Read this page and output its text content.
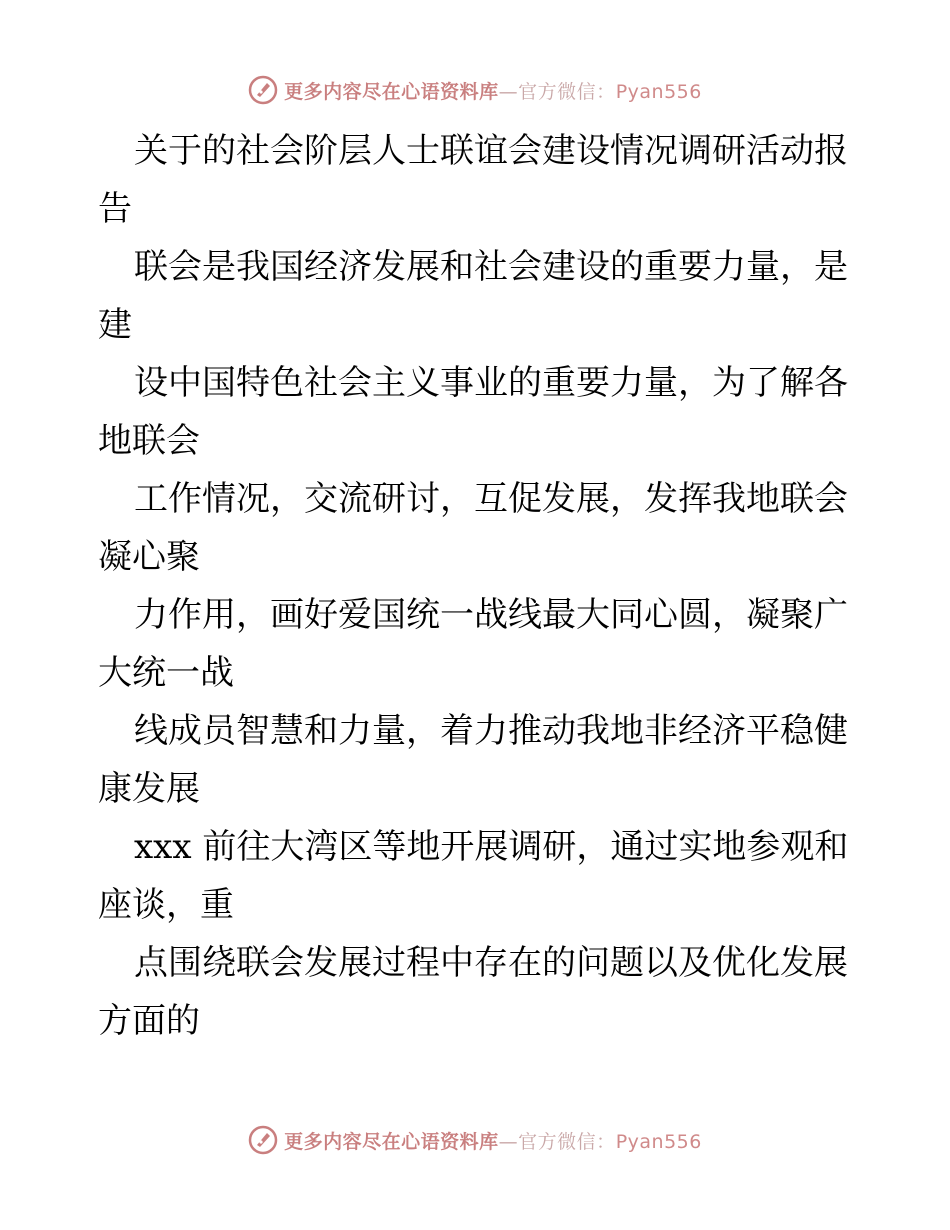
更多内容尽在心语资料库—官方微信：Pyan556
关于的社会阶层人士联谊会建设情况调研活动报
告
联会是我国经济发展和社会建设的重要力量，是
建
设中国特色社会主义事业的重要力量，为了解各
地联会
工作情况，交流研讨，互促发展，发挥我地联会
凝心聚
力作用，画好爱国统一战线最大同心圆，凝聚广
大统一战
线成员智慧和力量，着力推动我地非经济平稳健
康发展
xxx 前往大湾区等地开展调研，通过实地参观和
座谈，重
点围绕联会发展过程中存在的问题以及优化发展
方面的
更多内容尽在心语资料库—官方微信：Pyan556
